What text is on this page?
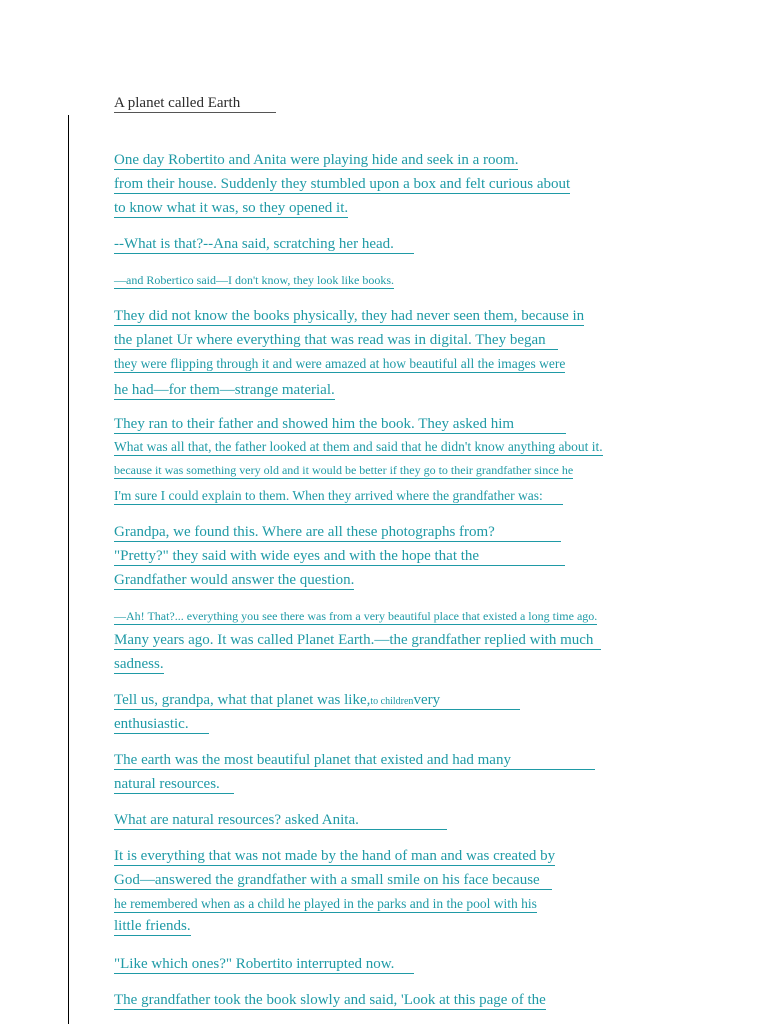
A planet called Earth
One day Robertito and Anita were playing hide and seek in a room.
from their house. Suddenly they stumbled upon a box and felt curious about
to know what it was, so they opened it.
--What is that?--Ana said, scratching her head.
—and Robertico said—I don't know, they look like books.
They did not know the books physically, they had never seen them, because in
the planet Ur where everything that was read was in digital. They began
they were flipping through it and were amazed at how beautiful all the images were
he had—for them—strange material.
They ran to their father and showed him the book. They asked him
What was all that, the father looked at them and said that he didn't know anything about it.
because it was something very old and it would be better if they go to their grandfather since he
I'm sure I could explain to them. When they arrived where the grandfather was:
Grandpa, we found this. Where are all these photographs from?
"Pretty?" they said with wide eyes and with the hope that the
Grandfather would answer the question.
—Ah! That?... everything you see there was from a very beautiful place that existed a long time ago.
Many years ago. It was called Planet Earth.—the grandfather replied with much
sadness.
Tell us, grandpa, what that planet was like,to childrenvery
enthusiastic.
The earth was the most beautiful planet that existed and had many
natural resources.
What are natural resources? asked Anita.
It is everything that was not made by the hand of man and was created by
God—answered the grandfather with a small smile on his face because
he remembered when as a child he played in the parks and in the pool with his
little friends.
"Like which ones?" Robertito interrupted now.
The grandfather took the book slowly and said, 'Look at this page of the
